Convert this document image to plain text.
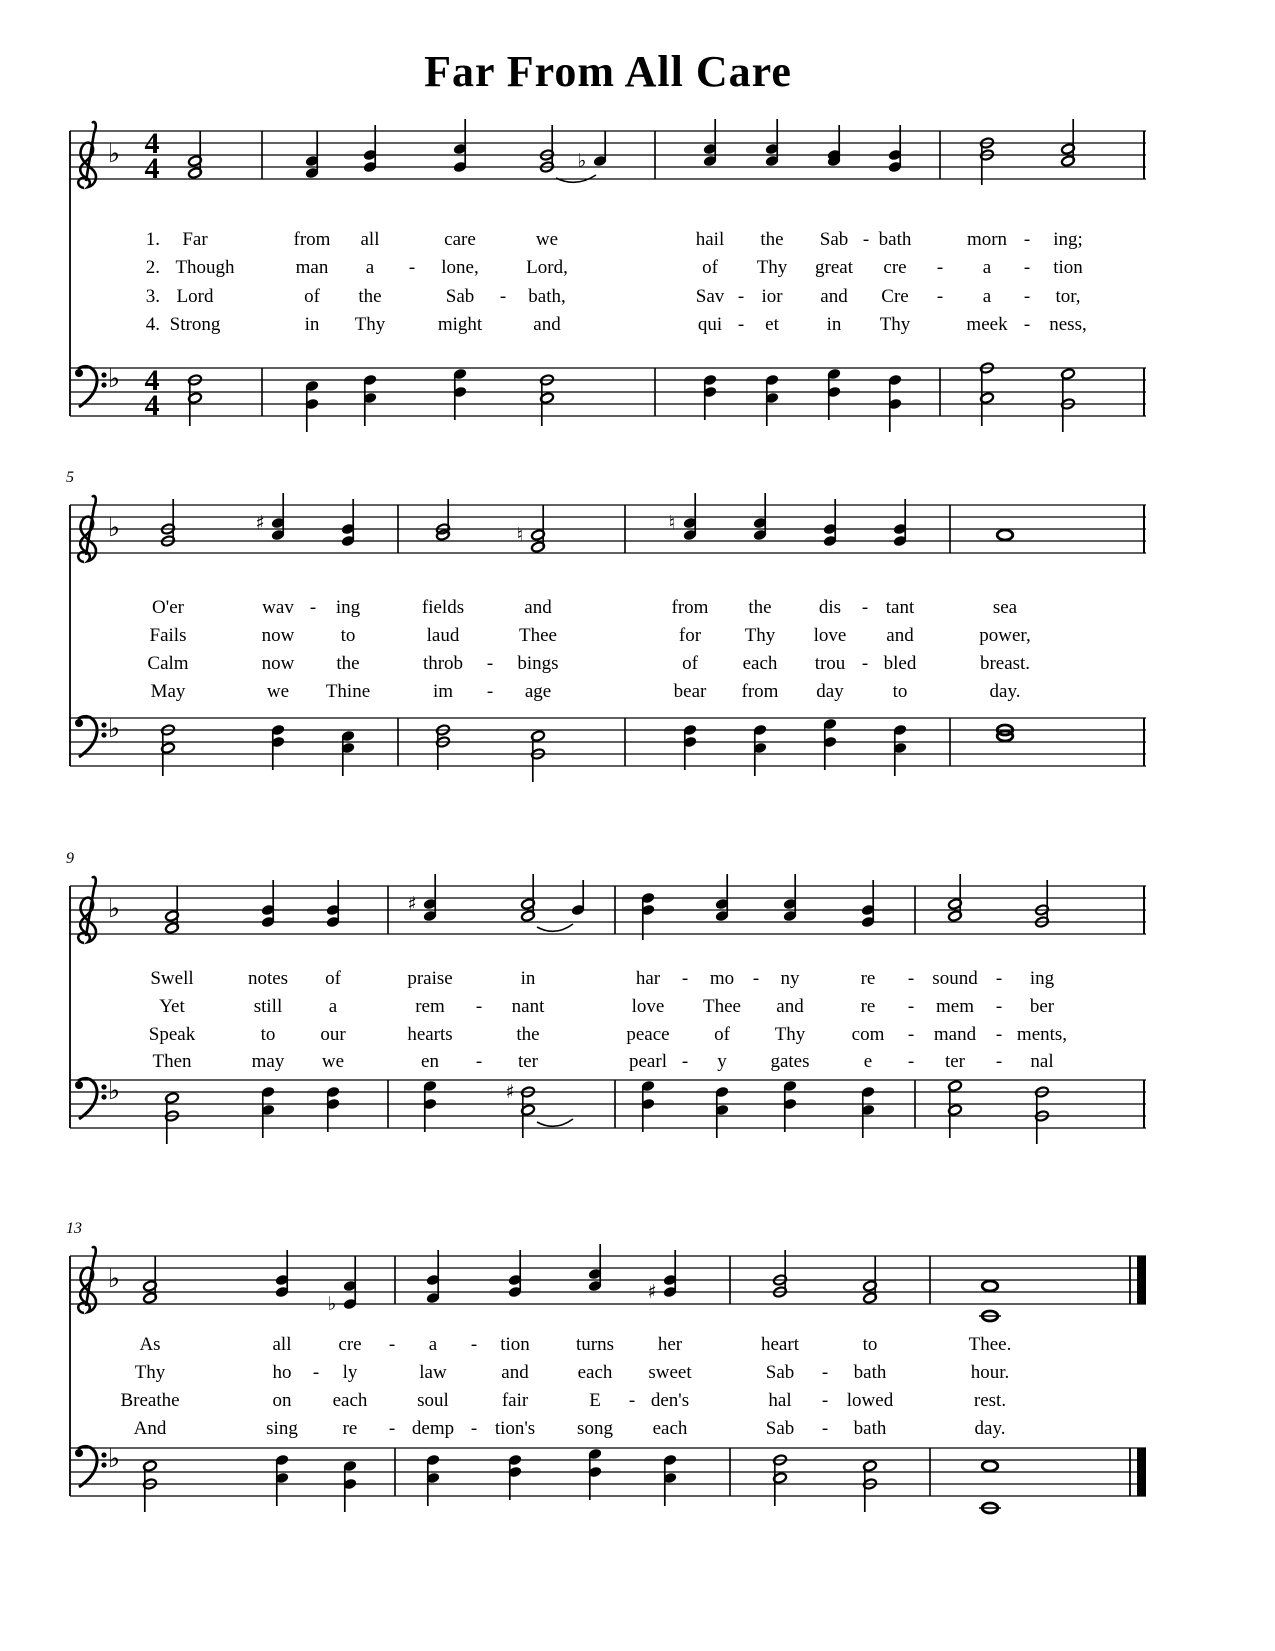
Far From All Care
♭
♭
4
4
4
4
♭
♭
♭
♯
♮
♮
♭
♭
♯
♯
♭
♭
♭
♯
1.	Far	from	all	care	we	hail	the	Sab - bath	morn -	ing;
2. Though	man	a	-	lone,	Lord,	of	Thy	great	cre	-	a	-	tion
3. Lord	of	the	Sab	-	bath,	Sav - ior	and	Cre	-	a	-	tor,
4. Strong	in	Thy	might	and	qui -	et	in	Thy	meek -	ness,
5
O'er	wav -	ing	fields	and	from	the	dis	- tant	sea
Fails	now	to	laud	Thee	for	Thy	love	and	power,
Calm	now	the	throb	-	bings	of	each	trou - bled	breast.
May	we	Thine	im	-	age	bear	from	day	to	day.
9
Swell	notes	of	praise	in	har	-	mo -	ny	re	- sound -	ing
Yet	still	a	rem	-	nant	love	Thee	and	re	-	mem	-	ber
Speak	to	our	hearts	the	peace	of	Thy	com	-	mand	- ments,
Then	may	we	en	-	ter	pearl -	y	gates	e	-	ter	-	nal
13
As	all	cre	-	a	-	tion	turns	her	heart	to	Thee.
Thy	ho	-	ly	law	and	each	sweet	Sab	-	bath	hour.
Breathe	on	each	soul	fair	E	- den's	hal	- lowed	rest.
And	sing	re	- demp - tion's	song	each	Sab	-	bath	day.
